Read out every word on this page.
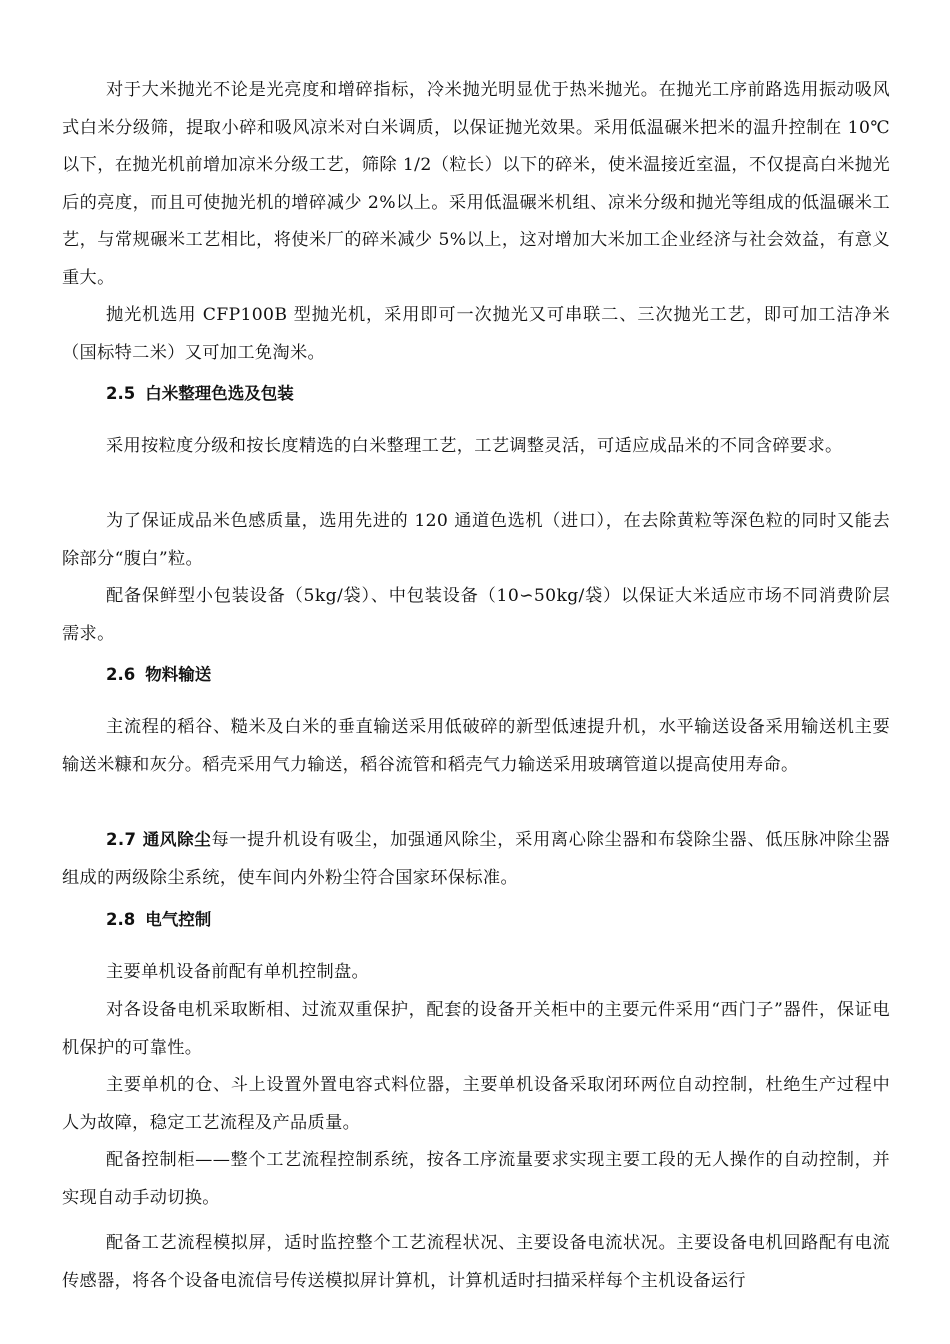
对于大米抛光不论是光亮度和增碎指标，冷米抛光明显优于热米抛光。在抛光工序前路选用振动吸风式白米分级筛，提取小碎和吸风凉米对白米调质，以保证抛光效果。采用低温碾米把米的温升控制在 10℃ 以下，在抛光机前增加凉米分级工艺，筛除 1/2（粒长）以下的碎米，使米温接近室温，不仅提高白米抛光后的亮度，而且可使抛光机的增碎减少 2%以上。采用低温碾米机组、凉米分级和抛光等组成的低温碾米工艺，与常规碾米工艺相比，将使米厂的碎米减少 5%以上，这对增加大米加工企业经济与社会效益，有意义重大。

抛光机选用 CFP100B 型抛光机，采用即可一次抛光又可串联二、三次抛光工艺，即可加工洁净米（国标特二米）又可加工免淘米。

2.5 白米整理色选及包装

采用按粒度分级和按长度精选的白米整理工艺，工艺调整灵活，可适应成品米的不同含碎要求。

为了保证成品米色感质量，选用先进的 120 通道色选机（进口），在去除黄粒等深色粒的同时又能去除部分“腹白”粒。

配备保鲜型小包装设备（5kg/袋）、中包装设备（10∽50kg/袋）以保证大米适应市场不同消费阶层需求。

2.6 物料输送

主流程的稻谷、糙米及白米的垂直输送采用低破碎的新型低速提升机，水平输送设备采用输送机主要输送米糠和灰分。稻壳采用气力输送，稻谷流管和稻壳气力输送采用玻璃管道以提高使用寿命。

2.7 通风除尘每一提升机设有吸尘，加强通风除尘，采用离心除尘器和布袋除尘器、低压脉冲除尘器组成的两级除尘系统，使车间内外粉尘符合国家环保标准。

2.8 电气控制

主要单机设备前配有单机控制盘。

对各设备电机采取断相、过流双重保护，配套的设备开关柜中的主要元件采用“西门子”器件，保证电机保护的可靠性。

主要单机的仓、斗上设置外置电容式料位器，主要单机设备采取闭环两位自动控制，杜绝生产过程中人为故障，稳定工艺流程及产品质量。

配备控制柜——整个工艺流程控制系统，按各工序流量要求实现主要工段的无人操作的自动控制，并实现自动手动切换。

配备工艺流程模拟屏，适时监控整个工艺流程状况、主要设备电流状况。主要设备电机回路配有电流传感器，将各个设备电流信号传送模拟屏计算机，计算机适时扫描采样每个主机设备运行
